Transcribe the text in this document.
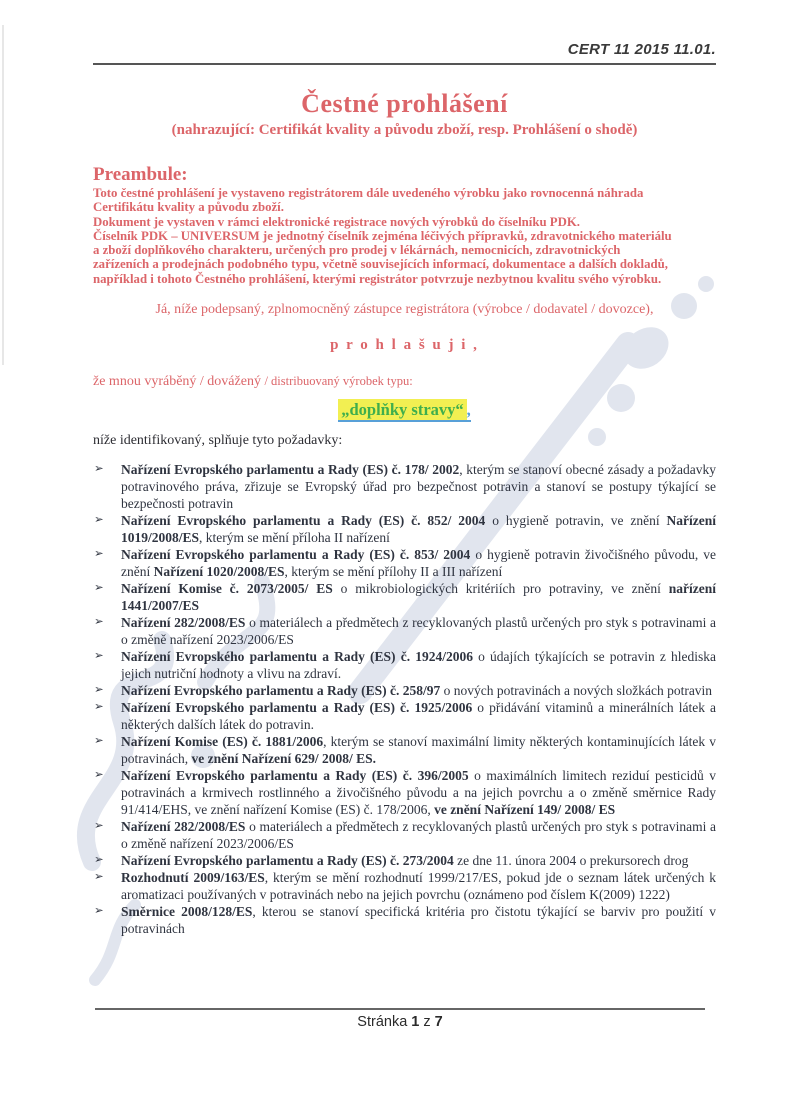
CERT 11 2015 11.01.
Čestné prohlášení
(nahrazující: Certifikát kvality a původu zboží, resp. Prohlášení o shodě)
Preambule:
Toto čestné prohlášení je vystaveno registrátorem dále uvedeného výrobku jako rovnocenná náhrada
Certifikátu kvality a původu zboží.
Dokument je vystaven v rámci elektronické registrace nových výrobků do číselníku PDK.
Číselník PDK – UNIVERSUM je jednotný číselník zejména léčivých přípravků, zdravotnického materiálu
a zboží doplňkového charakteru, určených pro prodej v lékárnách, nemocnicích, zdravotnických
zařízeních a prodejnách podobného typu, včetně souvisejících informací, dokumentace a dalších dokladů,
například i tohoto Čestného prohlášení, kterými registrátor potvrzuje nezbytnou kvalitu svého výrobku.
Já, níže podepsaný, zplnomocněný zástupce registrátora (výrobce / dodavatel / dovozce),
p r o h l a š u j i ,
že mnou vyráběný / dovážený / distribuovaný výrobek typu:
„doplňky stravy“ ,
níže identifikovaný, splňuje tyto požadavky:
➢	Nařízení Evropského parlamentu a Rady (ES) č. 178/ 2002, kterým se stanoví obecné zásady a požadavky potravinového práva, zřizuje se Evropský úřad pro bezpečnost potravin a stanoví se postupy týkající se bezpečnosti potravin
➢	Nařízení Evropského parlamentu a Rady (ES) č. 852/ 2004 o hygieně potravin, ve znění Nařízení 1019/2008/ES, kterým se mění příloha II nařízení
➢	Nařízení Evropského parlamentu a Rady (ES) č. 853/ 2004 o hygieně potravin živočišného původu, ve znění Nařízení 1020/2008/ES, kterým se mění přílohy II a III nařízení
➢	Nařízení Komise č. 2073/2005/ ES o mikrobiologických kritériích pro potraviny, ve znění nařízení 1441/2007/ES
➢	Nařízení 282/2008/ES o materiálech a předmětech z recyklovaných plastů určených pro styk s potravinami a o změně nařízení 2023/2006/ES
➢	Nařízení Evropského parlamentu a Rady (ES) č. 1924/2006 o údajích týkajících se potravin z hlediska jejich nutriční hodnoty a vlivu na zdraví.
➢	Nařízení Evropského parlamentu a Rady (ES) č. 258/97 o nových potravinách a nových složkách potravin
➢	Nařízení Evropského parlamentu a Rady (ES) č. 1925/2006 o přidávání vitaminů a minerálních látek a některých dalších látek do potravin.
➢	Nařízení Komise (ES) č. 1881/2006, kterým se stanoví maximální limity některých kontaminujících látek v potravinách, ve znění Nařízení 629/ 2008/ ES.
➢	Nařízení Evropského parlamentu a Rady (ES) č. 396/2005 o maximálních limitech reziduí pesticidů v potravinách a krmivech rostlinného a živočišného původu a na jejich povrchu a o změně směrnice Rady 91/414/EHS, ve znění nařízení Komise (ES) č. 178/2006, ve znění Nařízení 149/ 2008/ ES
➢	Nařízení 282/2008/ES o materiálech a předmětech z recyklovaných plastů určených pro styk s potravinami a o změně nařízení 2023/2006/ES
➢	Nařízení Evropského parlamentu a Rady (ES) č. 273/2004 ze dne 11. února 2004 o prekursorech drog
➢	Rozhodnutí 2009/163/ES, kterým se mění rozhodnutí 1999/217/ES, pokud jde o seznam látek určených k aromatizaci používaných v potravinách nebo na jejich povrchu (oznámeno pod číslem K(2009) 1222)
➢	Směrnice 2008/128/ES, kterou se stanoví specifická kritéria pro čistotu týkající se barviv pro použití v potravinách
Stránka 1 z 7
